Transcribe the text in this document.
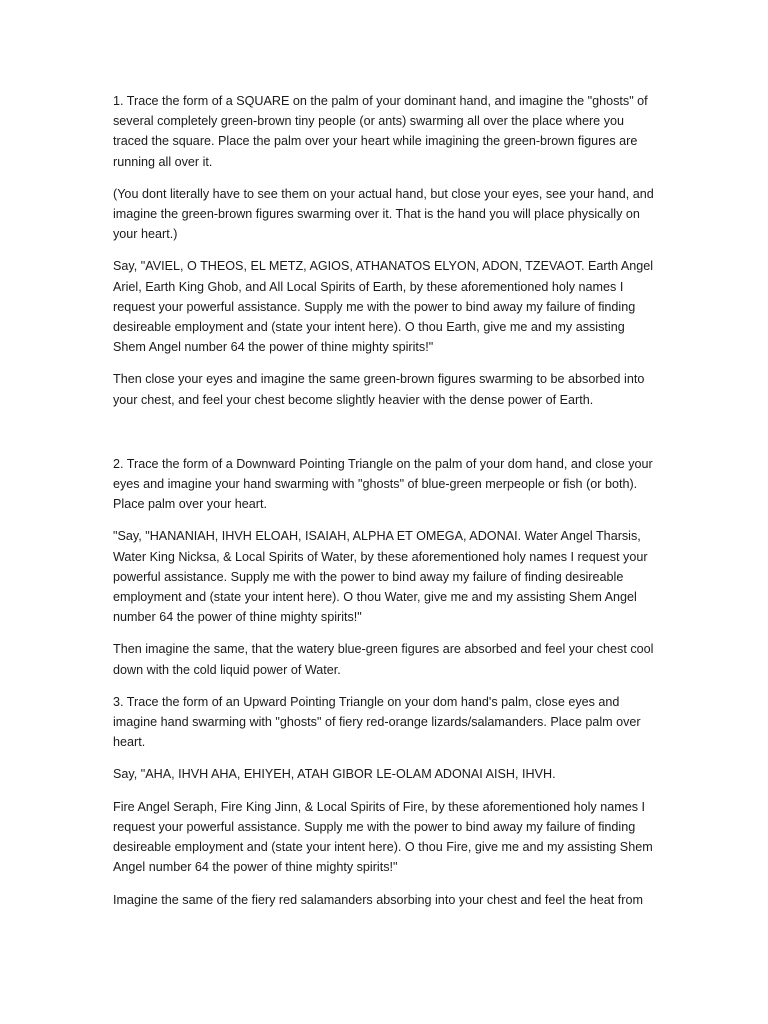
1. Trace the form of a SQUARE on the palm of your dominant hand, and imagine the "ghosts" of several completely green-brown tiny people (or ants) swarming all over the place where you traced the square. Place the palm over your heart while imagining the green-brown figures are running all over it.

(You dont literally have to see them on your actual hand, but close your eyes, see your hand, and imagine the green-brown figures swarming over it. That is the hand you will place physically on your heart.)

Say, "AVIEL, O THEOS, EL METZ, AGIOS, ATHANATOS ELYON, ADON, TZEVAOT. Earth Angel Ariel, Earth King Ghob, and All Local Spirits of Earth, by these aforementioned holy names I request your powerful assistance. Supply me with the power to bind away my failure of finding desireable employment and (state your intent here). O thou Earth, give me and my assisting Shem Angel number 64 the power of thine mighty spirits!"

Then close your eyes and imagine the same green-brown figures swarming to be absorbed into your chest, and feel your chest become slightly heavier with the dense power of Earth.

2. Trace the form of a Downward Pointing Triangle on the palm of your dom hand, and close your eyes and imagine your hand swarming with "ghosts" of blue-green merpeople or fish (or both). Place palm over your heart.

"Say, "HANANIAH, IHVH ELOAH, ISAIAH, ALPHA ET OMEGA, ADONAI. Water Angel Tharsis, Water King Nicksa, & Local Spirits of Water, by these aforementioned holy names I request your powerful assistance. Supply me with the power to bind away my failure of finding desireable employment and (state your intent here). O thou Water, give me and my assisting Shem Angel number 64 the power of thine mighty spirits!"

Then imagine the same, that the watery blue-green figures are absorbed and feel your chest cool down with the cold liquid power of Water.

3. Trace the form of an Upward Pointing Triangle on your dom hand's palm, close eyes and imagine hand swarming with "ghosts" of fiery red-orange lizards/salamanders. Place palm over heart.

Say, "AHA, IHVH AHA, EHIYEH, ATAH GIBOR LE-OLAM ADONAI AISH, IHVH.

Fire Angel Seraph, Fire King Jinn, & Local Spirits of Fire, by these aforementioned holy names I request your powerful assistance. Supply me with the power to bind away my failure of finding desireable employment and (state your intent here). O thou Fire, give me and my assisting Shem Angel number 64 the power of thine mighty spirits!"

Imagine the same of the fiery red salamanders absorbing into your chest and feel the heat from
